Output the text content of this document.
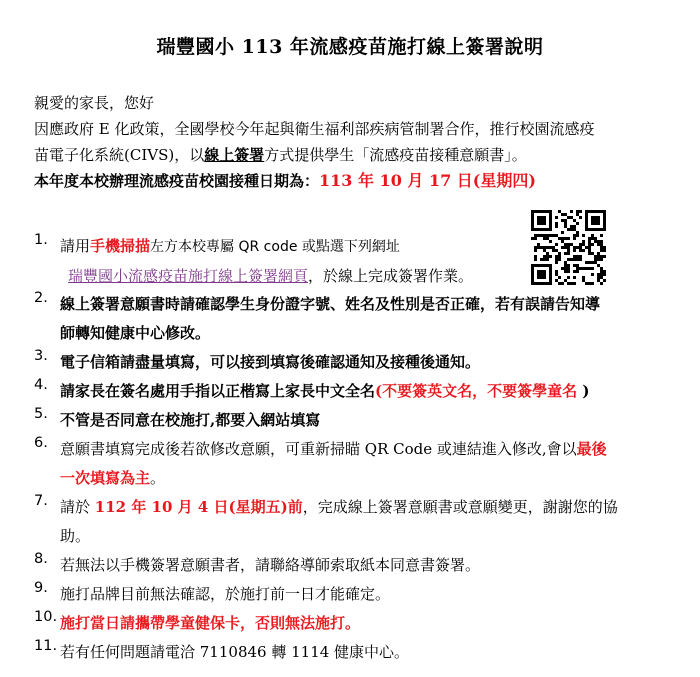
瑞豐國小 113 年流感疫苗施打線上簽署說明

親愛的家長，您好

因應政府 E 化政策，全國學校今年起與衛生福利部疾病管制署合作，推行校園流感疫

苗電子化系統(CIVS)，以線上簽署方式提供學生「流感疫苗接種意願書」。

本年度本校辦理流感疫苗校園接種日期為：113 年 10 月 17 日(星期四)

1. 請用手機掃描左方本校專屬 QR code 或點選下列網址
瑞豐國小流感疫苗施打線上簽署網頁，於線上完成簽署作業。
2. 線上簽署意願書時請確認學生身份證字號、姓名及性別是否正確，若有誤請告知導
師轉知健康中心修改。
3. 電子信箱請盡量填寫，可以接到填寫後確認通知及接種後通知。
4. 請家長在簽名處用手指以正楷寫上家長中文全名(不要簽英文名，不要簽學童名 )
5. 不管是否同意在校施打,都要入網站填寫
6. 意願書填寫完成後若欲修改意願，可重新掃瞄 QR Code 或連結進入修改,會以最後
一次填寫為主。
7. 請於 112 年 10 月 4 日(星期五)前，完成線上簽署意願書或意願變更，謝謝您的協
助。
8. 若無法以手機簽署意願書者，請聯絡導師索取紙本同意書簽署。
9. 施打品牌目前無法確認，於施打前一日才能確定。
10. 施打當日請攜帶學童健保卡，否則無法施打。
11. 若有任何問題請電洽 7110846 轉 1114 健康中心。
